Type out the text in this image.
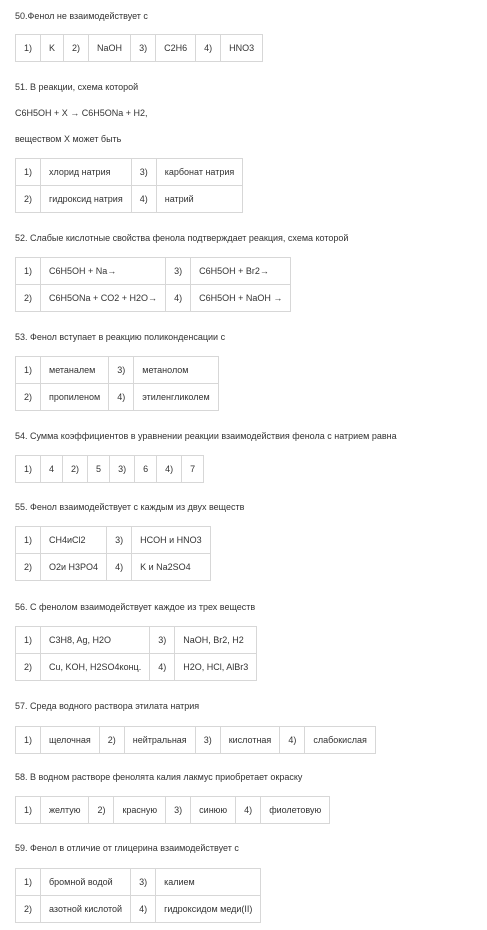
50.Фенол не взаимодействует с
1)	K	2)	NaOH	3)	C2H6	4)	HNO3
51. В реакции, схема которой
C6H5OH + X → C6H5ONa + H2,
веществом X может быть
1)	хлорид натрия	3)	карбонат натрия
2)	гидроксид натрия	4)	натрий
52. Слабые кислотные свойства фенола подтверждает реакция, схема которой
1)	C6H5OH + Na→	3)	C6H5OH + Br2→
2)	C6H5ONa + CO2 + H2O→	4)	C6H5OH + NaOH →
53. Фенол вступает в реакцию поликонденсации с
1)	метаналем	3)	метанолом
2)	пропиленом	4)	этиленгликолем
54. Сумма коэффициентов в уравнении реакции взаимодействия фенола с натрием равна
1)	4	2)	5	3)	6	4)	7
55. Фенол взаимодействует с каждым из двух веществ
1)	CH4иCl2	3)	HCOH и HNO3
2)	O2и H3PO4	4)	K и Na2SO4
56. С фенолом взаимодействует каждое из трех веществ
1)	C3H8, Ag, H2O	3)	NaOH, Br2, H2
2)	Cu, KOH, H2SO4конц.	4)	H2O, HCl, AlBr3
57. Среда водного раствора этилата натрия
1)	щелочная	2)	нейтральная	3)	кислотная	4)	слабокислая
58. В водном растворе фенолята калия лакмус приобретает окраску
1)	желтую	2)	красную	3)	синюю	4)	фиолетовую
59. Фенол в отличие от глицерина взаимодействует с
1)	бромной водой	3)	калием
2)	азотной кислотой	4)	гидроксидом меди(II)
